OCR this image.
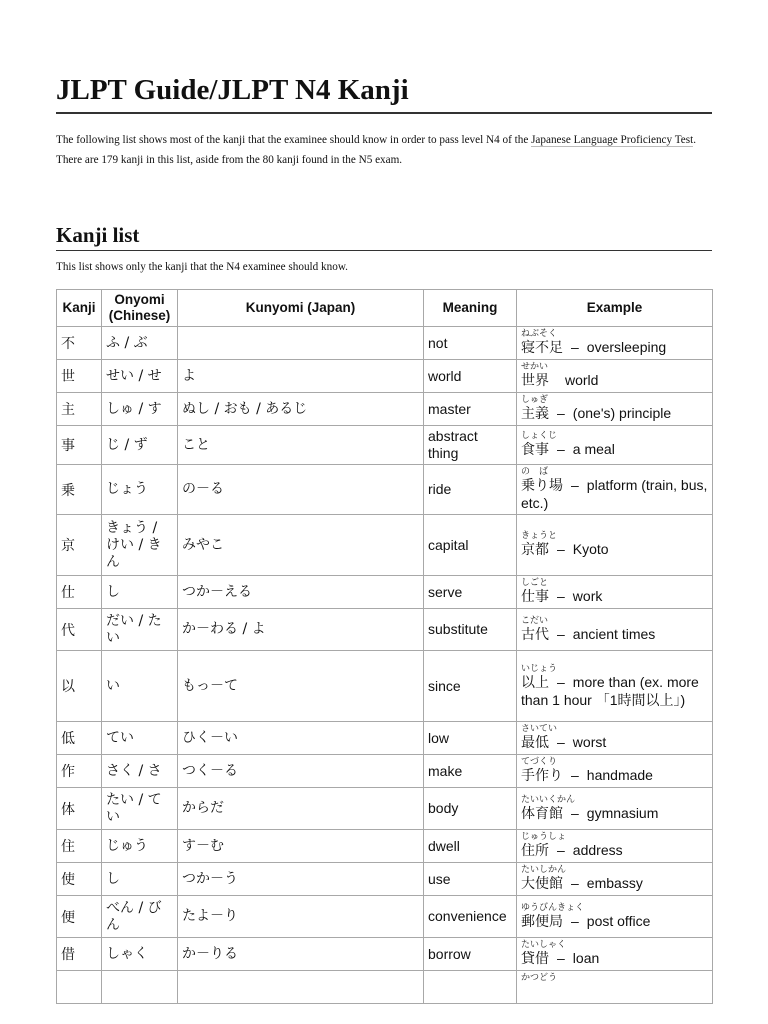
JLPT Guide/JLPT N4 Kanji

The following list shows most of the kanji that the examinee should know in order to pass level N4 of the Japanese Language Proficiency Test. There are 179 kanji in this list, aside from the 80 kanji found in the N5 exam.

Kanji list
This list shows only the kanji that the N4 examinee should know.
Kanji	Onyomi (Chinese)	Kunyomi (Japan)	Meaning	Example
不	ふ / ぶ		not	ねぶそく
寝不足 – oversleeping
世	せい / せ	よ	world	せかい
世界 world
主	しゅ / す	ぬし / おも / あるじ	master	しゅぎ
主義 – (one's) principle
事	じ / ず	こと	abstract thing	しょくじ
食事 – a meal
乗	じょう	の－る	ride	の　ば
乗り場 – platform (train, bus, etc.)
京	きょう / けい / きん	みやこ	capital	きょうと
京都 – Kyoto
仕	し	つか－える	serve	しごと
仕事 – work
代	だい / たい	か－わる / よ	substitute	こだい
古代 – ancient times
以	い	もっ－て	since	いじょう
以上 – more than (ex. more than 1 hour 「1時間以上」)
低	てい	ひく－い	low	さいてい
最低 – worst
作	さく / さ	つく－る	make	てづくり
手作り – handmade
体	たい / てい	からだ	body	たいいくかん
体育館 – gymnasium
住	じゅう	す－む	dwell	じゅうしょ
住所 – address
使	し	つか－う	use	たいしかん
大使館 – embassy
便	べん / びん	たよ－り	convenience	ゆうびんきょく
郵便局 – post office
借	しゃく	か－りる	borrow	たいしゃく
貸借 – loan

				かつどう
